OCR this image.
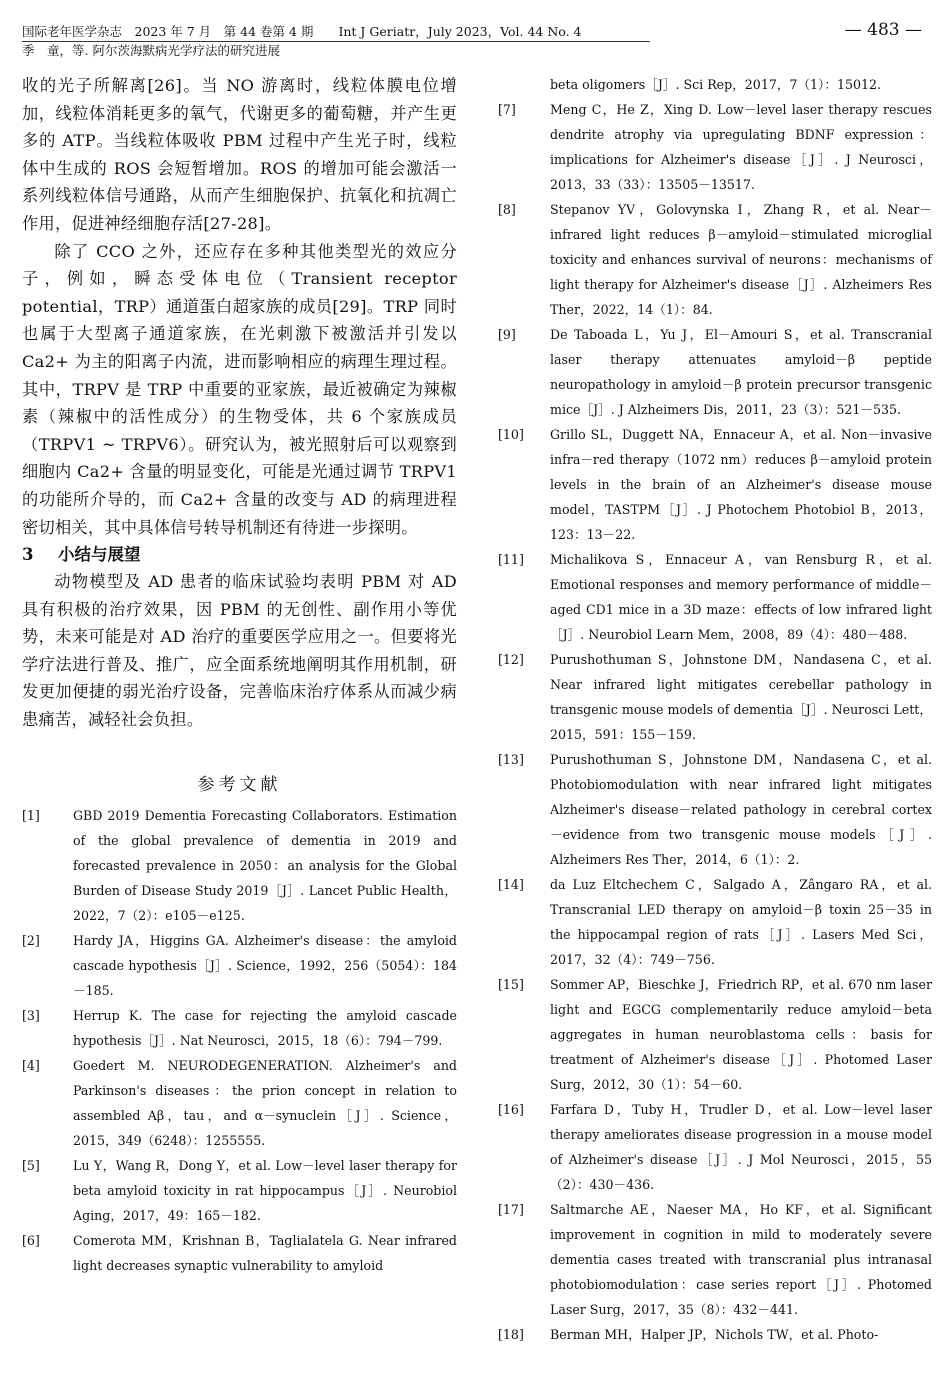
国际老年医学杂志　2023 年 7 月　第 44 卷第 4 期　　Int J Geriatr，July 2023，Vol. 44 No. 4
季　童，等. 阿尔茨海默病光学疗法的研究进展
— 483 —

收的光子所解离[26]。当 NO 游离时，线粒体膜电位增加，线粒体消耗更多的氧气，代谢更多的葡萄糖，并产生更多的 ATP。当线粒体吸收 PBM 过程中产生光子时，线粒体中生成的 ROS 会短暂增加。ROS 的增加可能会激活一系列线粒体信号通路，从而产生细胞保护、抗氧化和抗凋亡作用，促进神经细胞存活[27-28]。

除了 CCO 之外，还应存在多种其他类型光的效应分子，例如，瞬态受体电位（Transient receptor potential，TRP）通道蛋白超家族的成员[29]。TRP 同时也属于大型离子通道家族，在光刺激下被激活并引发以 Ca2+ 为主的阳离子内流，进而影响相应的病理生理过程。其中，TRPV 是 TRP 中重要的亚家族，最近被确定为辣椒素（辣椒中的活性成分）的生物受体，共 6 个家族成员（TRPV1 ~ TRPV6）。研究认为，被光照射后可以观察到细胞内 Ca2+ 含量的明显变化，可能是光通过调节 TRPV1 的功能所介导的，而 Ca2+ 含量的改变与 AD 的病理进程密切相关，其中具体信号转导机制还有待进一步探明。

3 小结与展望

动物模型及 AD 患者的临床试验均表明 PBM 对 AD 具有积极的治疗效果，因 PBM 的无创性、副作用小等优势，未来可能是对 AD 治疗的重要医学应用之一。但要将光学疗法进行普及、推广，应全面系统地阐明其作用机制，研发更加便捷的弱光治疗设备，完善临床治疗体系从而减少病患痛苦，减轻社会负担。

参考文献
[1]	GBD 2019 Dementia Forecasting Collaborators. Estimation of the global prevalence of dementia in 2019 and forecasted prevalence in 2050：an analysis for the Global Burden of Disease Study 2019［J］. Lancet Public Health，2022，7（2）：e105－e125.
[2]	Hardy JA，Higgins GA. Alzheimer's disease：the amyloid cascade hypothesis［J］. Science，1992，256（5054）：184－185.
[3]	Herrup K. The case for rejecting the amyloid cascade hypothesis［J］. Nat Neurosci，2015，18（6）：794－799.
[4]	Goedert M. NEURODEGENERATION. Alzheimer's and Parkinson's diseases：the prion concept in relation to assembled Aβ，tau，and α－synuclein［J］. Science，2015，349（6248）：1255555.
[5]	Lu Y，Wang R，Dong Y，et al. Low－level laser therapy for beta amyloid toxicity in rat hippocampus［J］. Neurobiol Aging，2017，49：165－182.
[6]	Comerota MM，Krishnan B，Taglialatela G. Near infrared light decreases synaptic vulnerability to amyloid
beta oligomers［J］. Sci Rep，2017，7（1）：15012.
[7]	Meng C，He Z，Xing D. Low－level laser therapy rescues dendrite atrophy via upregulating BDNF expression：implications for Alzheimer's disease［J］. J Neurosci，2013，33（33）：13505－13517.
[8]	Stepanov YV，Golovynska I，Zhang R，et al. Near－infrared light reduces β－amyloid－stimulated microglial toxicity and enhances survival of neurons：mechanisms of light therapy for Alzheimer's disease［J］. Alzheimers Res Ther，2022，14（1）：84.
[9]	De Taboada L，Yu J，El－Amouri S，et al. Transcranial laser therapy attenuates amyloid－β peptide neuropathology in amyloid－β protein precursor transgenic mice［J］. J Alzheimers Dis，2011，23（3）：521－535.
[10]	Grillo SL，Duggett NA，Ennaceur A，et al. Non－invasive infra－red therapy（1072 nm）reduces β－amyloid protein levels in the brain of an Alzheimer's disease mouse model，TASTPM［J］. J Photochem Photobiol B，2013，123：13－22.
[11]	Michalikova S，Ennaceur A，van Rensburg R，et al. Emotional responses and memory performance of middle－aged CD1 mice in a 3D maze：effects of low infrared light［J］. Neurobiol Learn Mem，2008，89（4）：480－488.
[12]	Purushothuman S，Johnstone DM，Nandasena C，et al. Near infrared light mitigates cerebellar pathology in transgenic mouse models of dementia［J］. Neurosci Lett，2015，591：155－159.
[13]	Purushothuman S，Johnstone DM，Nandasena C，et al. Photobiomodulation with near infrared light mitigates Alzheimer's disease－related pathology in cerebral cortex－evidence from two transgenic mouse models［J］. Alzheimers Res Ther，2014，6（1）：2.
[14]	da Luz Eltchechem C，Salgado A，Zângaro RA，et al. Transcranial LED therapy on amyloid－β toxin 25－35 in the hippocampal region of rats［J］. Lasers Med Sci，2017，32（4）：749－756.
[15]	Sommer AP，Bieschke J，Friedrich RP，et al. 670 nm laser light and EGCG complementarily reduce amyloid－beta aggregates in human neuroblastoma cells：basis for treatment of Alzheimer's disease［J］. Photomed Laser Surg，2012，30（1）：54－60.
[16]	Farfara D，Tuby H，Trudler D，et al. Low－level laser therapy ameliorates disease progression in a mouse model of Alzheimer's disease［J］. J Mol Neurosci，2015，55（2）：430－436.
[17]	Saltmarche AE，Naeser MA，Ho KF，et al. Significant improvement in cognition in mild to moderately severe dementia cases treated with transcranial plus intranasal photobiomodulation：case series report［J］. Photomed Laser Surg，2017，35（8）：432－441.
[18]	Berman MH，Halper JP，Nichols TW，et al. Photo-
